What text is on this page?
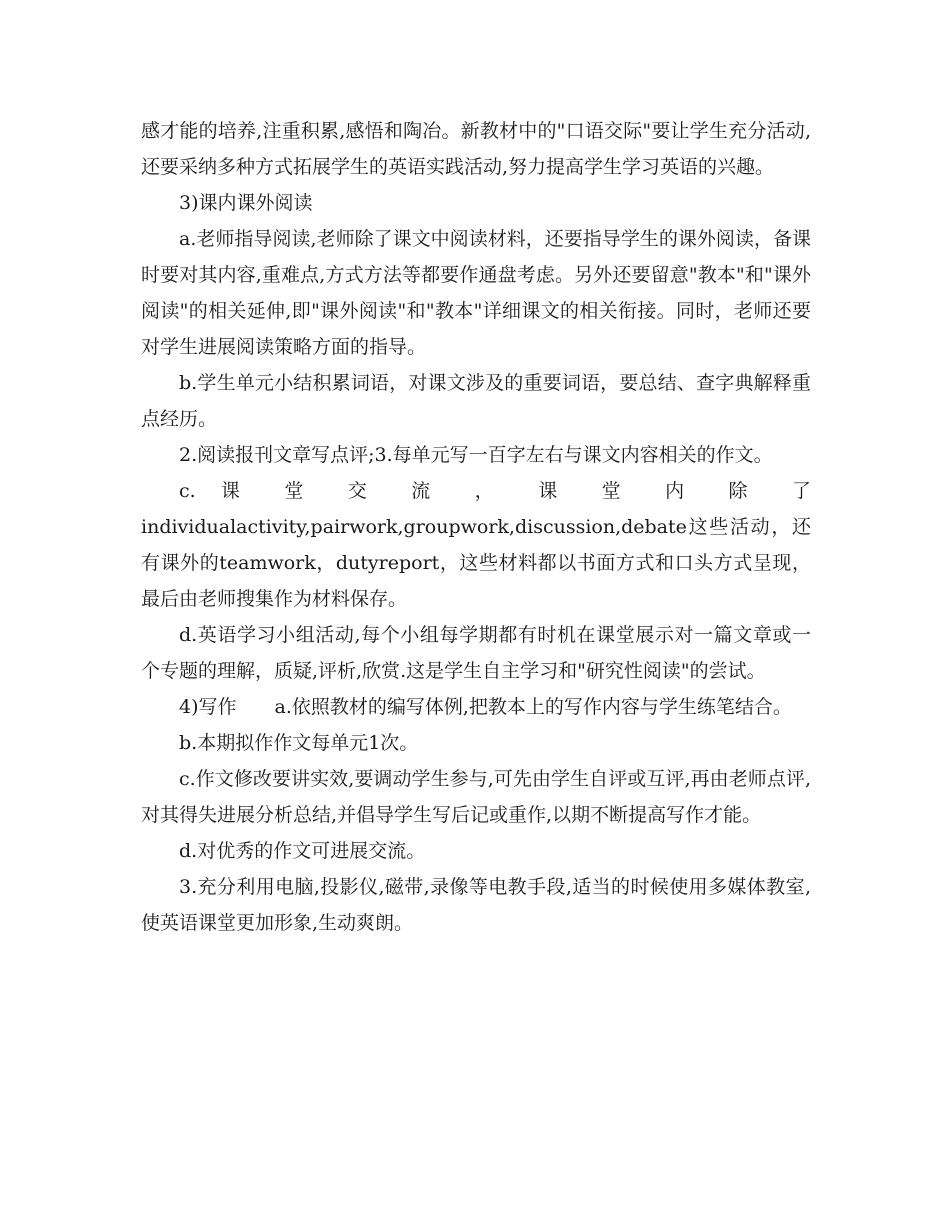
感才能的培养,注重积累,感悟和陶冶。新教材中的"口语交际"要让学生充分活动,还要采纳多种方式拓展学生的英语实践活动,努力提高学生学习英语的兴趣。

3)课内课外阅读

a.老师指导阅读,老师除了课文中阅读材料，还要指导学生的课外阅读，备课时要对其内容,重难点,方式方法等都要作通盘考虑。另外还要留意"教本"和"课外阅读"的相关延伸,即"课外阅读"和"教本"详细课文的相关衔接。同时，老师还要对学生进展阅读策略方面的指导。

b.学生单元小结积累词语，对课文涉及的重要词语，要总结、查字典解释重点经历。

2.阅读报刊文章写点评;3.每单元写一百字左右与课文内容相关的作文。

c. 课 堂 交 流 ， 课 堂 内 除 了 individualactivity,pairwork,groupwork,discussion,debate这些活动，还有课外的teamwork，dutyreport，这些材料都以书面方式和口头方式呈现，最后由老师搜集作为材料保存。

d.英语学习小组活动,每个小组每学期都有时机在课堂展示对一篇文章或一个专题的理解，质疑,评析,欣赏.这是学生自主学习和"研究性阅读"的尝试。

4)写作　　a.依照教材的编写体例,把教本上的写作内容与学生练笔结合。

b.本期拟作作文每单元1次。

c.作文修改要讲实效,要调动学生参与,可先由学生自评或互评,再由老师点评,对其得失进展分析总结,并倡导学生写后记或重作,以期不断提高写作才能。

d.对优秀的作文可进展交流。

3.充分利用电脑,投影仪,磁带,录像等电教手段,适当的时候使用多媒体教室,使英语课堂更加形象,生动爽朗。
